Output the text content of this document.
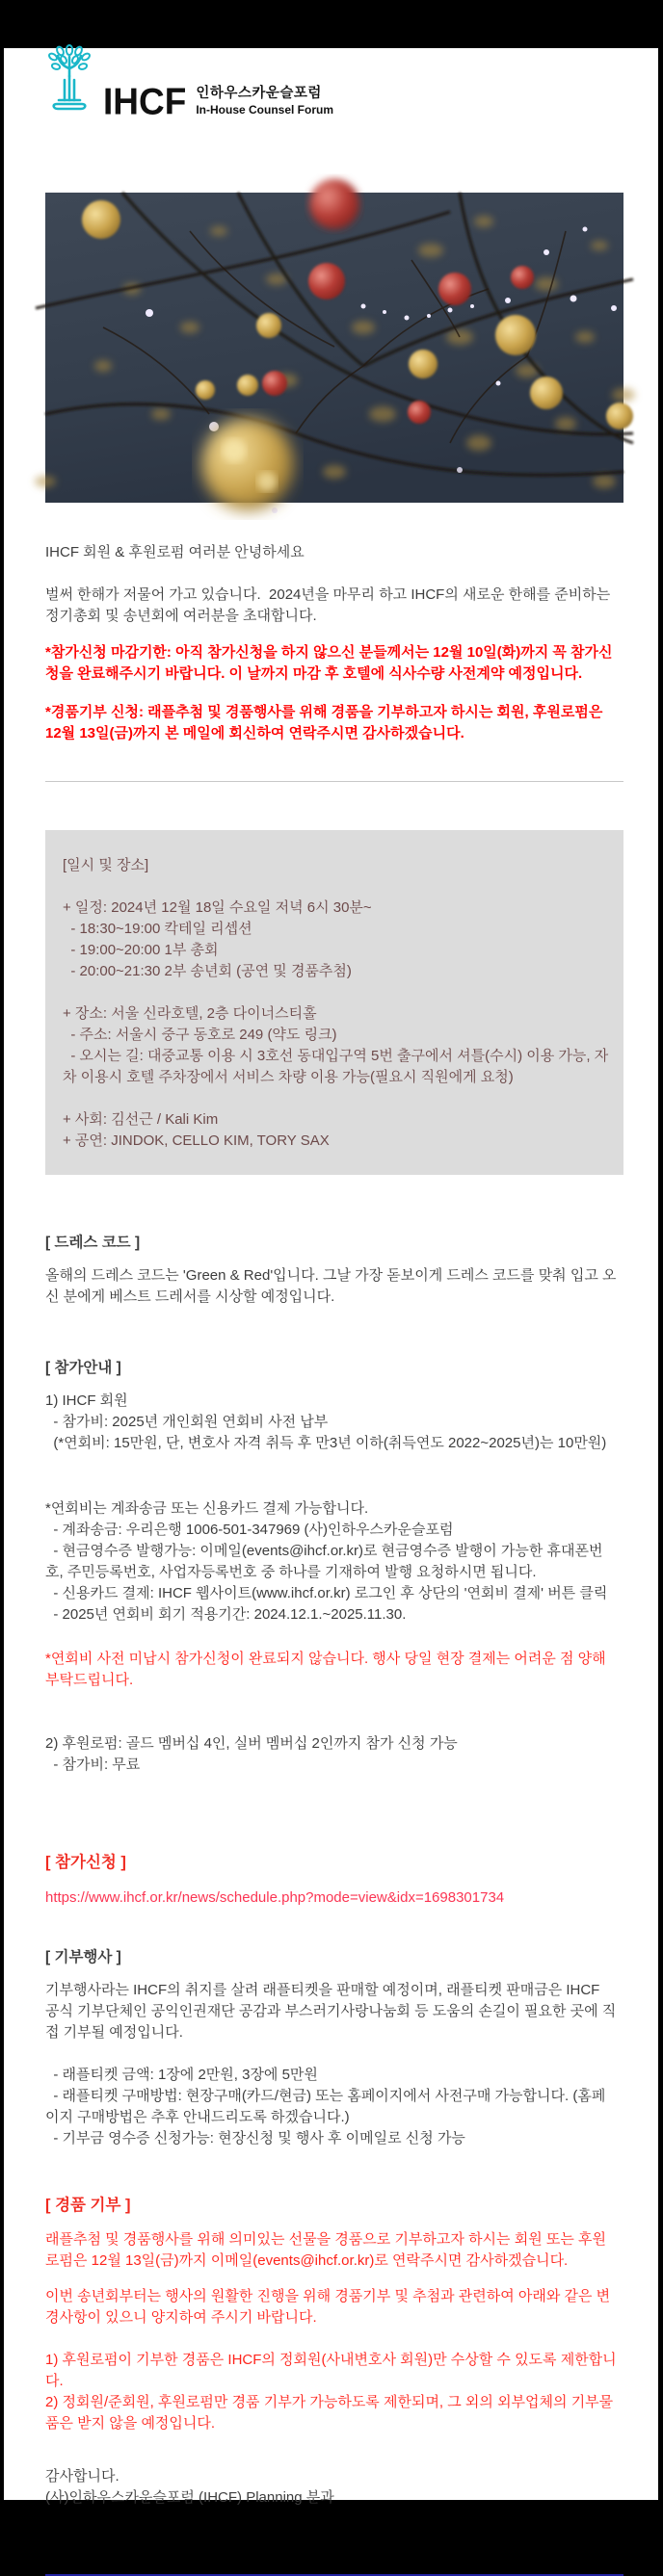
IHCF 인하우스카운슬포럼
In-House Counsel Forum
IHCF 회원 & 후원로펌 여러분 안녕하세요
벌써 한해가 저물어 가고 있습니다.  2024년을 마무리 하고 IHCF의 새로운 한해를 준비하는 정기총회 및 송년회에 여러분을 초대합니다.
*참가신청 마감기한: 아직 참가신청을 하지 않으신 분들께서는 12월 10일(화)까지 꼭 참가신청을 완료해주시기 바랍니다. 이 날까지 마감 후 호텔에 식사수량 사전계약 예정입니다.
*경품기부 신청: 래플추첨 및 경품행사를 위해 경품을 기부하고자 하시는 회원, 후원로펌은 12월 13일(금)까지 본 메일에 회신하여 연락주시면 감사하겠습니다.
[일시 및 장소]
+ 일정: 2024년 12월 18일 수요일 저녁 6시 30분~
- 18:30~19:00 칵테일 리셉션
- 19:00~20:00 1부 총회
- 20:00~21:30 2부 송년회 (공연 및 경품추첨)
+ 장소: 서울 신라호텔, 2층 다이너스티홀
- 주소: 서울시 중구 동호로 249 (약도 링크)
- 오시는 길: 대중교통 이용 시 3호선 동대입구역 5번 출구에서 셔틀(수시) 이용 가능, 자차 이용시 호텔 주차장에서 서비스 차량 이용 가능(필요시 직원에게 요청)
+ 사회: 김선근 / Kali Kim
+ 공연: JINDOK, CELLO KIM, TORY SAX
[ 드레스 코드 ]
올해의 드레스 코드는 'Green & Red'입니다. 그날 가장 돋보이게 드레스 코드를 맞춰 입고 오신 분에게 베스트 드레서를 시상할 예정입니다.
[ 참가안내 ]
1) IHCF 회원
- 참가비: 2025년 개인회원 연회비 사전 납부
(*연회비: 15만원, 단, 변호사 자격 취득 후 만3년 이하(취득연도 2022~2025년)는 10만원)
*연회비는 계좌송금 또는 신용카드 결제 가능합니다.
- 계좌송금: 우리은행 1006-501-347969 (사)인하우스카운슬포럼
- 현금영수증 발행가능: 이메일(events@ihcf.or.kr)로 현금영수증 발행이 가능한 휴대폰번호, 주민등록번호, 사업자등록번호 중 하나를 기재하여 발행 요청하시면 됩니다.
- 신용카드 결제: IHCF 웹사이트(www.ihcf.or.kr) 로그인 후 상단의 '연회비 결제' 버튼 클릭
- 2025년 연회비 회기 적용기간: 2024.12.1.~2025.11.30.
*연회비 사전 미납시 참가신청이 완료되지 않습니다. 행사 당일 현장 결제는 어려운 점 양해 부탁드립니다.
2) 후원로펌: 골드 멤버십 4인, 실버 멤버십 2인까지 참가 신청 가능
- 참가비: 무료
[ 참가신청 ]
https://www.ihcf.or.kr/news/schedule.php?mode=view&idx=1698301734
[ 기부행사 ]
기부행사라는 IHCF의 취지를 살려 래플티켓을 판매할 예정이며, 래플티켓 판매금은 IHCF 공식 기부단체인 공익인권재단 공감과 부스러기사랑나눔회 등 도움의 손길이 필요한 곳에 직접 기부될 예정입니다.
- 래플티켓 금액: 1장에 2만원, 3장에 5만원
- 래플티켓 구매방법: 현장구매(카드/현금) 또는 홈페이지에서 사전구매 가능합니다. (홈페이지 구매방법은 추후 안내드리도록 하겠습니다.)
- 기부금 영수증 신청가능: 현장신청 및 행사 후 이메일로 신청 가능
[ 경품 기부 ]
래플추첨 및 경품행사를 위해 의미있는 선물을 경품으로 기부하고자 하시는 회원 또는 후원로펌은 12월 13일(금)까지 이메일(events@ihcf.or.kr)로 연락주시면 감사하겠습니다.
이번 송년회부터는 행사의 원활한 진행을 위해 경품기부 및 추첨과 관련하여 아래와 같은 변경사항이 있으니 양지하여 주시기 바랍니다.
1) 후원로펌이 기부한 경품은 IHCF의 정회원(사내변호사 회원)만 수상할 수 있도록 제한합니다.
2) 정회원/준회원, 후원로펌만 경품 기부가 가능하도록 제한되며, 그 외의 외부업체의 기부물품은 받지 않을 예정입니다.
감사합니다.
(사)인하우스카운슬포럼 (IHCF) Planning 분과
